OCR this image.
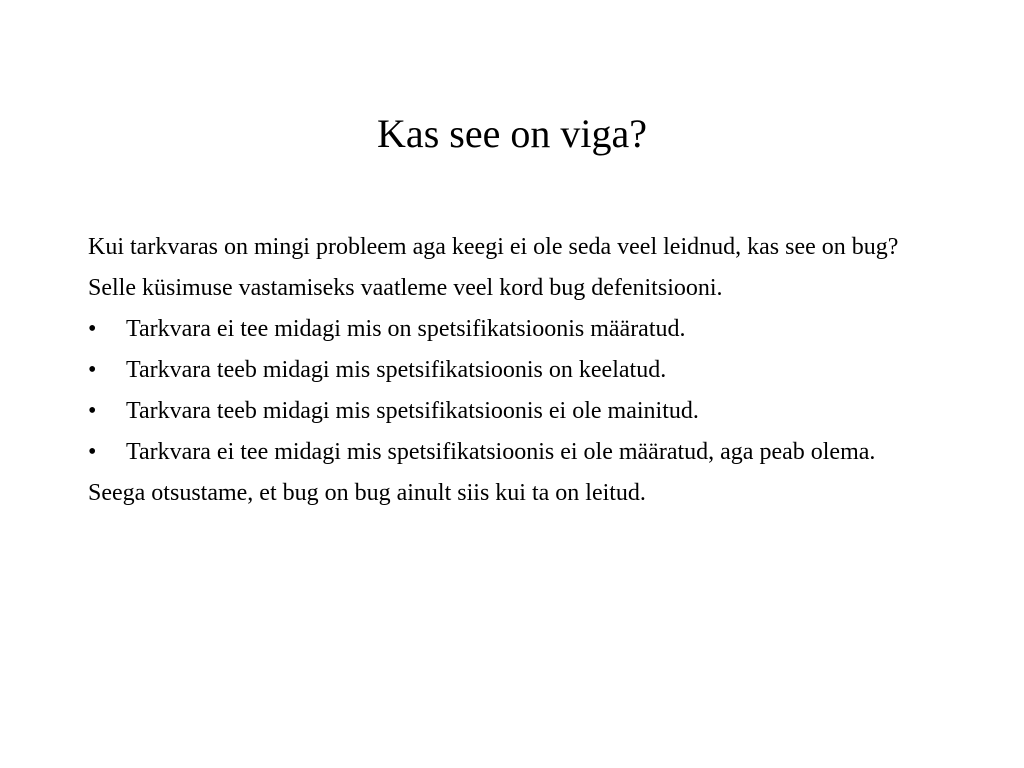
Kas see on viga?

Kui tarkvaras on mingi probleem aga keegi ei ole seda veel leidnud, kas see on bug?

Selle küsimuse vastamiseks vaatleme veel kord bug defenitsiooni.

•	Tarkvara ei tee midagi mis on spetsifikatsioonis määratud.
•	Tarkvara teeb midagi mis spetsifikatsioonis on keelatud.
•	Tarkvara teeb midagi mis spetsifikatsioonis ei ole mainitud.
•	Tarkvara ei tee midagi mis spetsifikatsioonis ei ole määratud, aga peab olema.

Seega otsustame, et bug on bug ainult siis kui ta on leitud.
